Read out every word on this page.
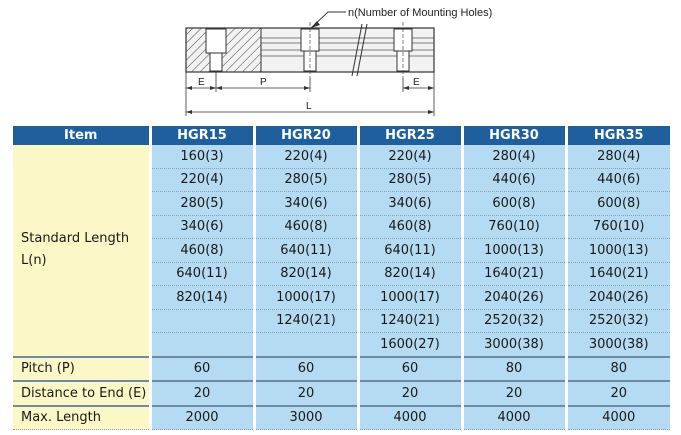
n(Number of Mounting Holes)
E	P	E
L
Item	HGR15	HGR20	HGR25	HGR30	HGR35

Standard Length
L(n)	160(3)	220(4)	220(4)	280(4)	280(4)
	220(4)	280(5)	280(5)	440(6)	440(6)
	280(5)	340(6)	340(6)	600(8)	600(8)
	340(6)	460(8)	460(8)	760(10)	760(10)
	460(8)	640(11)	640(11)	1000(13)	1000(13)
	640(11)	820(14)	820(14)	1640(21)	1640(21)
	820(14)	1000(17)	1000(17)	2040(26)	2040(26)
		1240(21)	1240(21)	2520(32)	2520(32)
			1600(27)	3000(38)	3000(38)
Pitch (P)	60	60	60	80	80
Distance to End (E)	20	20	20	20	20
Max. Length	2000	3000	4000	4000	4000
